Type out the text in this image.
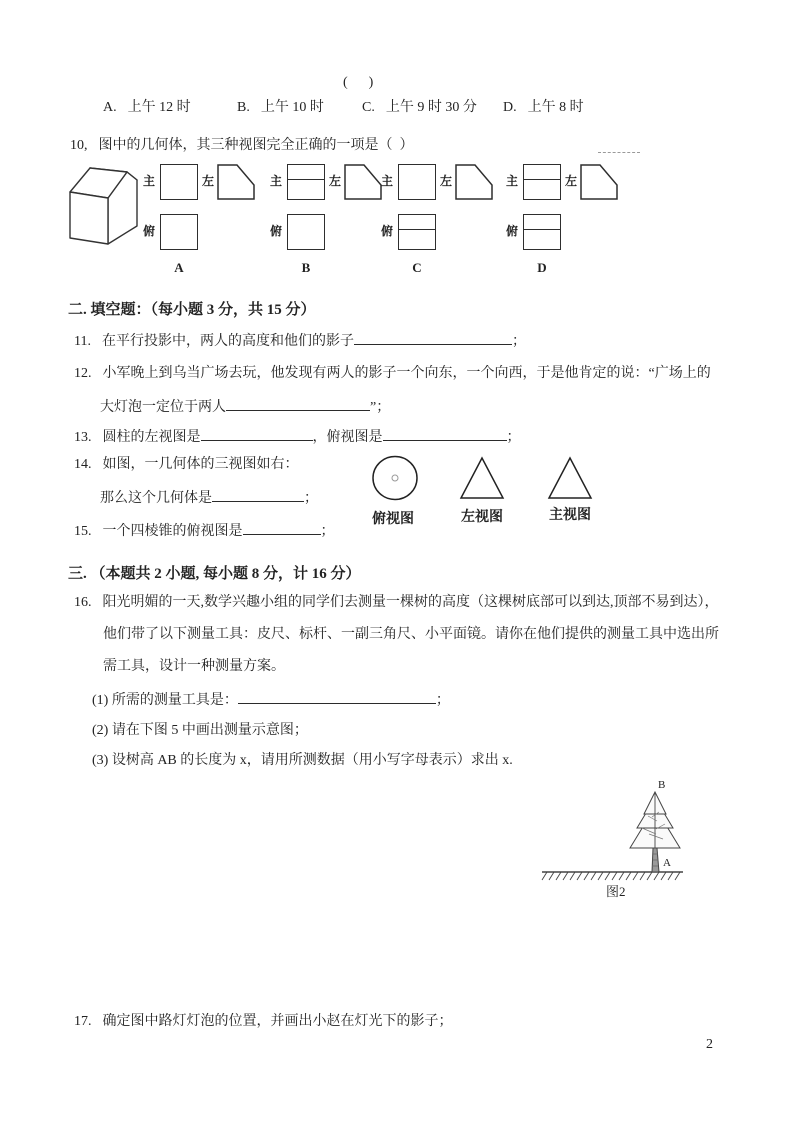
(      )
A. 上午 12 时	B. 上午 10 时	C. 上午 9 时 30 分 D. 上午 8 时
10, 图中的几何体，其三种视图完全正确的一项是（  ）
主	左
俯
A
主	左
俯
B
主	左
俯
C
主	左
俯
D
二. 填空题：（每小题 3 分，共 15 分）
11. 在平行投影中，两人的高度和他们的影子	；
12. 小军晚上到乌当广场去玩，他发现有两人的影子一个向东，一个向西，于是他肯定的说：“广场上的
大灯泡一定位于两人	”；
13. 圆柱的左视图是	，俯视图是	；
14. 如图，一几何体的三视图如右：
那么这个几何体是	；
俯视图	左视图	主视图
15. 一个四棱锥的俯视图是	；
三. （本题共 2 小题, 每小题 8 分，计 16 分）
16. 阳光明媚的一天,数学兴趣小组的同学们去测量一棵树的高度（这棵树底部可以到达,顶部不易到达），
他们带了以下测量工具：皮尺、标杆、一副三角尺、小平面镜。请你在他们提供的测量工具中选出所
需工具，设计一种测量方案。
(1) 所需的测量工具是：	；
(2) 请在下图 5 中画出测量示意图；
(3) 设树高 AB 的长度为 x，请用所测数据（用小写字母表示）求出 x.
B
A
图2
17. 确定图中路灯灯泡的位置，并画出小赵在灯光下的影子；
2
